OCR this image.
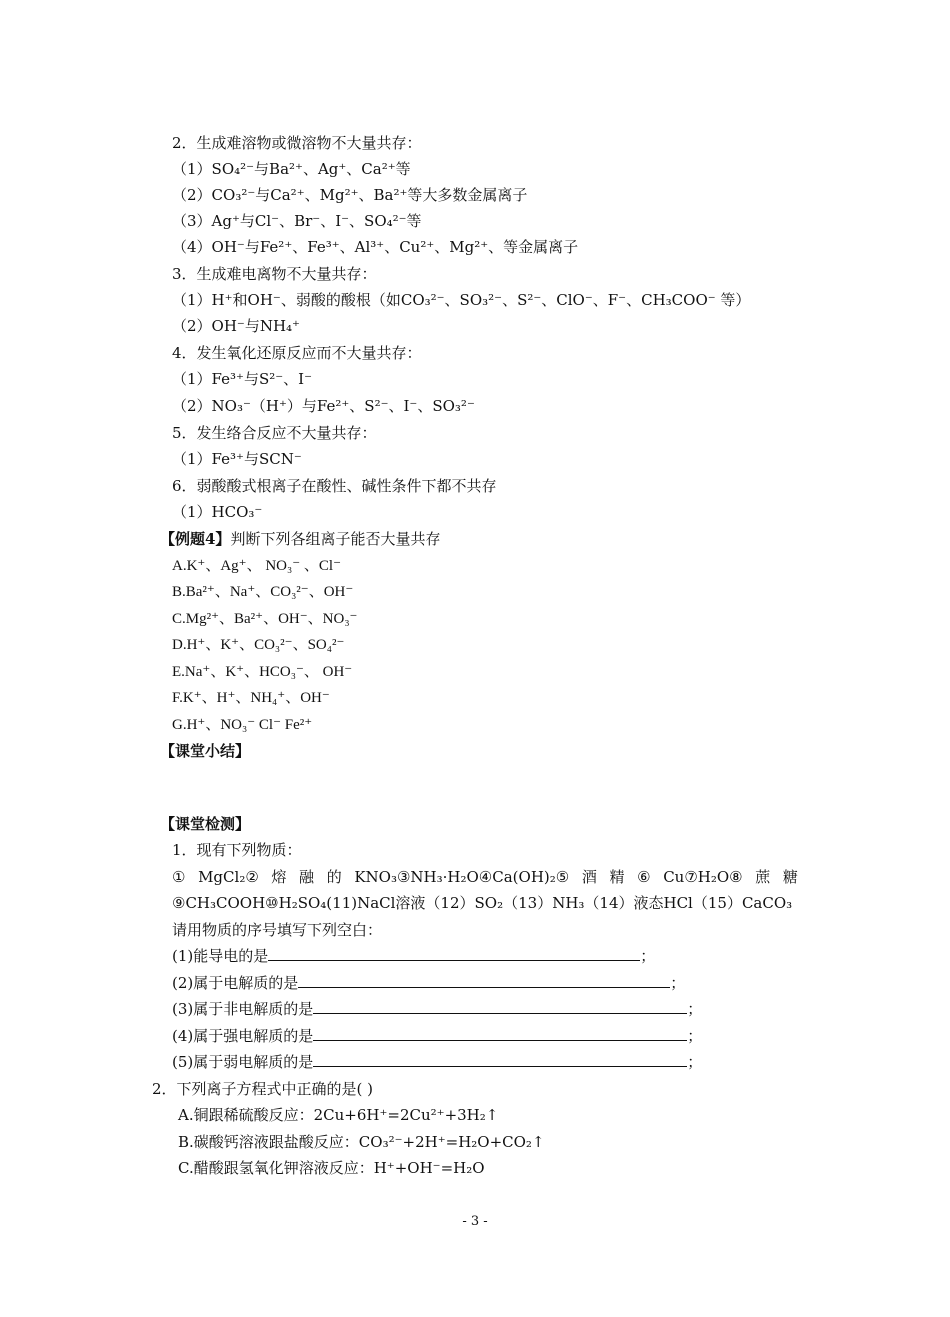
2．生成难溶物或微溶物不大量共存：
（1）SO₄²⁻与Ba²⁺、Ag⁺、Ca²⁺等
（2）CO₃²⁻与Ca²⁺、Mg²⁺、Ba²⁺等大多数金属离子
（3）Ag⁺与Cl⁻、Br⁻、I⁻、SO₄²⁻等
（4）OH⁻与Fe²⁺、Fe³⁺、Al³⁺、Cu²⁺、Mg²⁺、等金属离子
3．生成难电离物不大量共存：
（1）H⁺和OH⁻、弱酸的酸根（如CO₃²⁻、SO₃²⁻、S²⁻、ClO⁻、F⁻、CH₃COO⁻ 等）
（2）OH⁻与NH₄⁺
4．发生氧化还原反应而不大量共存：
（1）Fe³⁺与S²⁻、I⁻
（2）NO₃⁻（H⁺）与Fe²⁺、S²⁻、I⁻、SO₃²⁻
5．发生络合反应不大量共存：
（1）Fe³⁺与SCN⁻
6．弱酸酸式根离子在酸性、碱性条件下都不共存
（1）HCO₃⁻
【例题4】判断下列各组离子能否大量共存
A.K⁺、Ag⁺、 NO₃⁻ 、Cl⁻
B.Ba²⁺、Na⁺、CO₃²⁻、OH⁻
C.Mg²⁺、Ba²⁺、OH⁻、NO₃⁻
D.H⁺、K⁺、CO₃²⁻、SO₄²⁻
E.Na⁺、K⁺、HCO₃⁻、 OH⁻
F.K⁺、H⁺、NH₄⁺、OH⁻
G.H⁺、NO₃⁻ Cl⁻ Fe²⁺
【课堂小结】
【课堂检测】
1．现有下列物质：
① MgCl₂② 熔 融 的 KNO₃③NH₃·H₂O④Ca(OH)₂⑤ 酒 精 ⑥ Cu⑦H₂O⑧ 蔗 糖
⑨CH₃COOH⑩H₂SO₄(11)NaCl溶液（12）SO₂（13）NH₃（14）液态HCl（15）CaCO₃
请用物质的序号填写下列空白：
(1)能导电的是	；
(2)属于电解质的是	；
(3)属于非电解质的是	；
(4)属于强电解质的是	；
(5)属于弱电解质的是	；
2．下列离子方程式中正确的是( )
A.铜跟稀硫酸反应：2Cu+6H⁺=2Cu²⁺+3H₂↑
B.碳酸钙溶液跟盐酸反应：CO₃²⁻+2H⁺=H₂O+CO₂↑
C.醋酸跟氢氧化钾溶液反应：H⁺+OH⁻=H₂O
- 3 -
